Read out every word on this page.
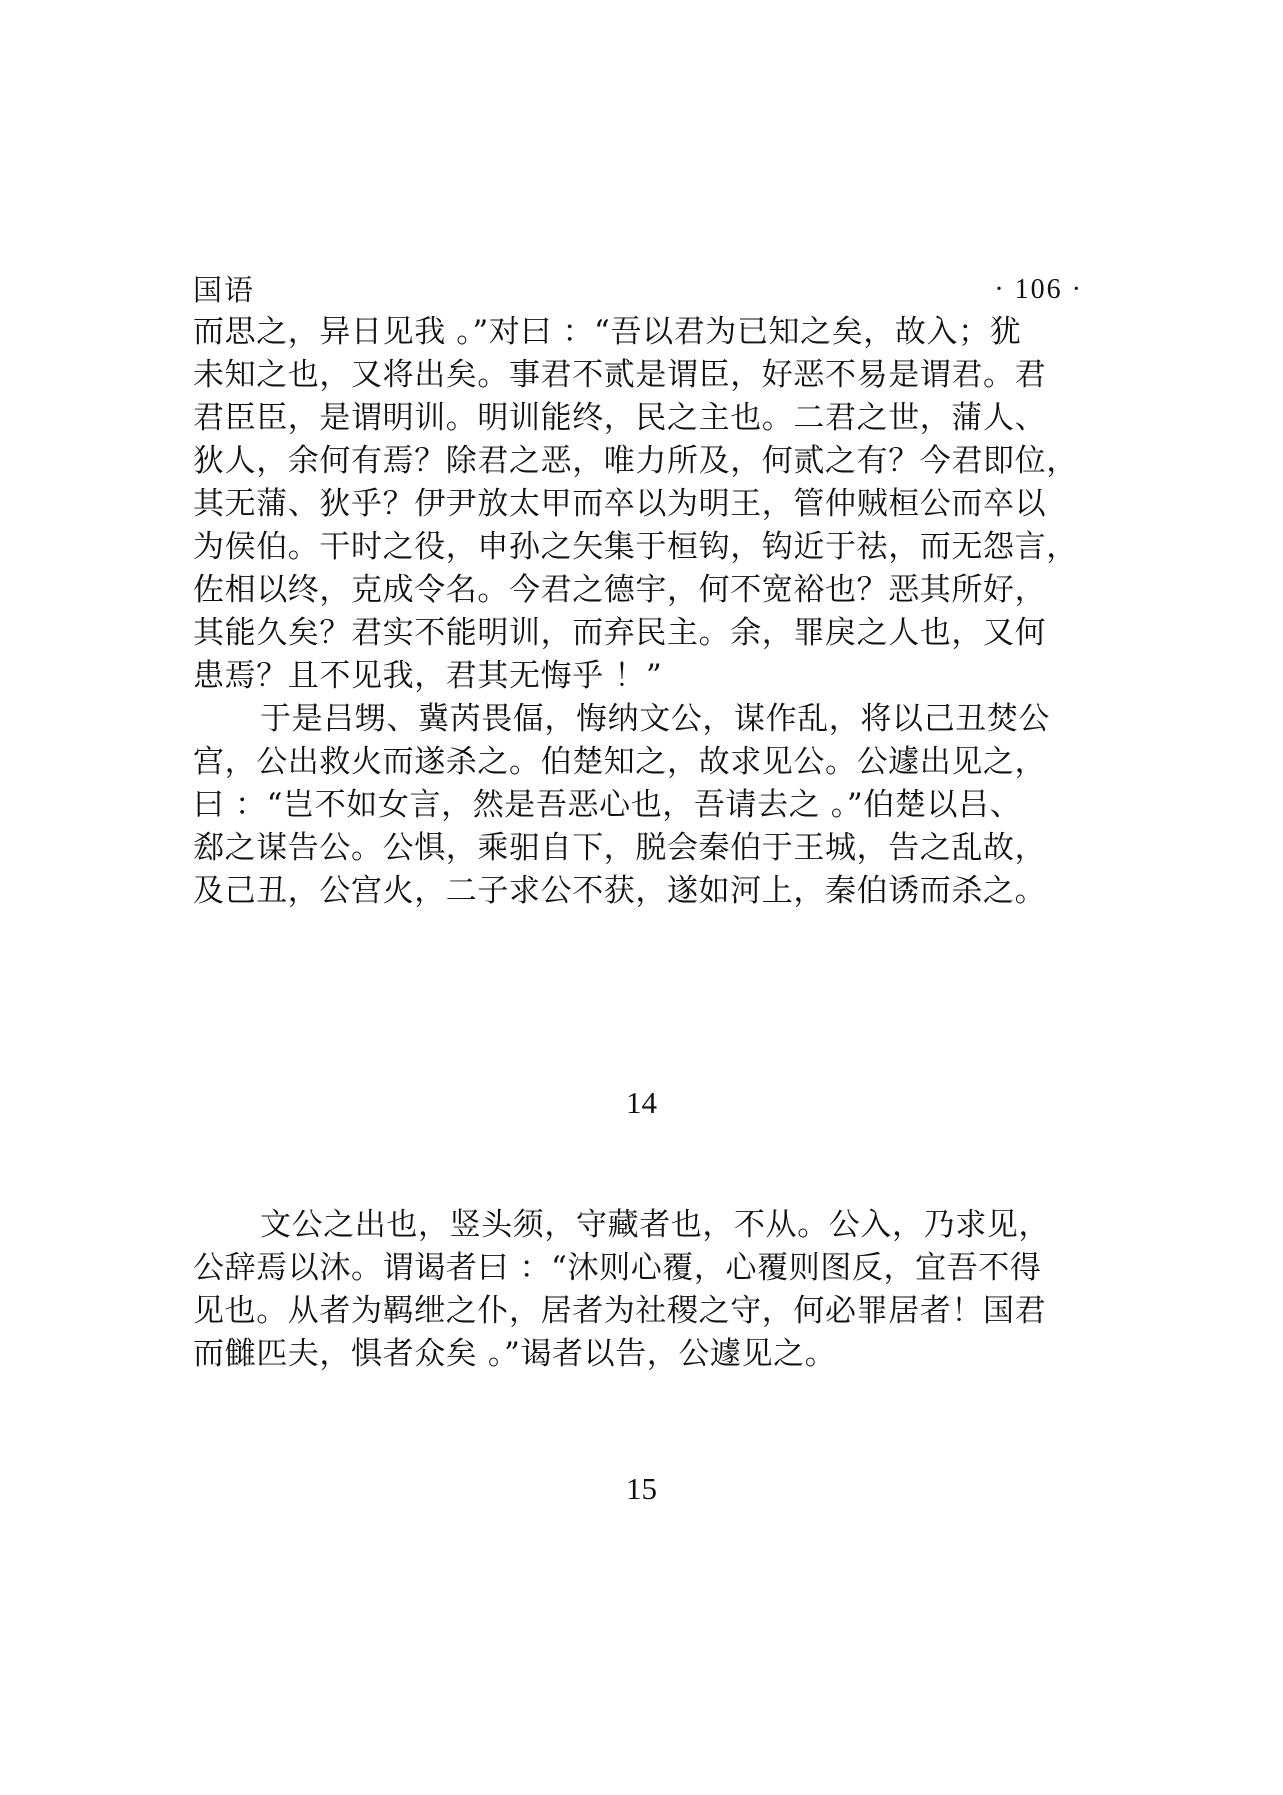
国语	· 106 ·
而思之，异日见我 。”对曰 ：“吾以君为已知之矣，故入；犹
未知之也，又将出矣。事君不贰是谓臣，好恶不易是谓君。君
君臣臣，是谓明训。明训能终，民之主也。二君之世，蒲人、
狄人，余何有焉？除君之恶，唯力所及，何贰之有？今君即位，
其无蒲、狄乎？伊尹放太甲而卒以为明王，管仲贼桓公而卒以
为侯伯。干时之役，申孙之矢集于桓钩，钩近于祛，而无怨言，
佐相以终，克成令名。今君之德宇，何不宽裕也？恶其所好，
其能久矣？君实不能明训，而弃民主。余，罪戾之人也，又何
患焉？且不见我，君其无悔乎 ！”
于是吕甥、冀芮畏偪，悔纳文公，谋作乱，将以己丑焚公
宫，公出救火而遂杀之。伯楚知之，故求见公。公遽出见之，
曰 ：“岂不如女言，然是吾恶心也，吾请去之 。”伯楚以吕、
郄之谋告公。公惧，乘驲自下，脱会秦伯于王城，告之乱故，
及己丑，公宫火，二子求公不获，遂如河上，秦伯诱而杀之。
14
文公之出也，竖头须，守藏者也，不从。公入，乃求见，
公辞焉以沐。谓谒者曰 ：“沐则心覆，心覆则图反，宜吾不得
见也。从者为羁绁之仆，居者为社稷之守，何必罪居者！国君
而雠匹夫，惧者众矣 。”谒者以告，公遽见之。
15
